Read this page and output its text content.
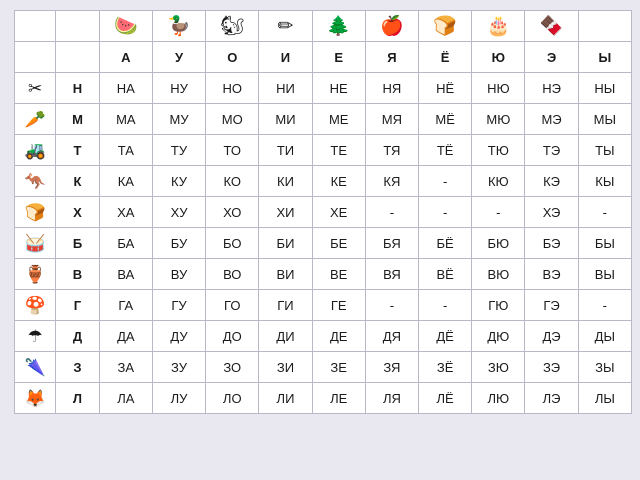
		🍉	🦆	🐿	✏	🌲	🍎	🍞	🎂	🍫	
		А	У	О	И	Е	Я	Ё	Ю	Э	Ы
✂	Н	НА	НУ	НО	НИ	НЕ	НЯ	НЁ	НЮ	НЭ	НЫ
🥕	М	МА	МУ	МО	МИ	МЕ	МЯ	МЁ	МЮ	МЭ	МЫ
🚜	Т	ТА	ТУ	ТО	ТИ	ТЕ	ТЯ	ТЁ	ТЮ	ТЭ	ТЫ
🦘	К	КА	КУ	КО	КИ	КЕ	КЯ	-	КЮ	КЭ	КЫ
🍞	Х	ХА	ХУ	ХО	ХИ	ХЕ	-	-	-	ХЭ	-
🥁	Б	БА	БУ	БО	БИ	БЕ	БЯ	БЁ	БЮ	БЭ	БЫ
🏺	В	ВА	ВУ	ВО	ВИ	ВЕ	ВЯ	ВЁ	ВЮ	ВЭ	ВЫ
🍄	Г	ГА	ГУ	ГО	ГИ	ГЕ	-	-	ГЮ	ГЭ	-
☂	Д	ДА	ДУ	ДО	ДИ	ДЕ	ДЯ	ДЁ	ДЮ	ДЭ	ДЫ
🌂	З	ЗА	ЗУ	ЗО	ЗИ	ЗЕ	ЗЯ	ЗЁ	ЗЮ	ЗЭ	ЗЫ
🦊	Л	ЛА	ЛУ	ЛО	ЛИ	ЛЕ	ЛЯ	ЛЁ	ЛЮ	ЛЭ	ЛЫ
